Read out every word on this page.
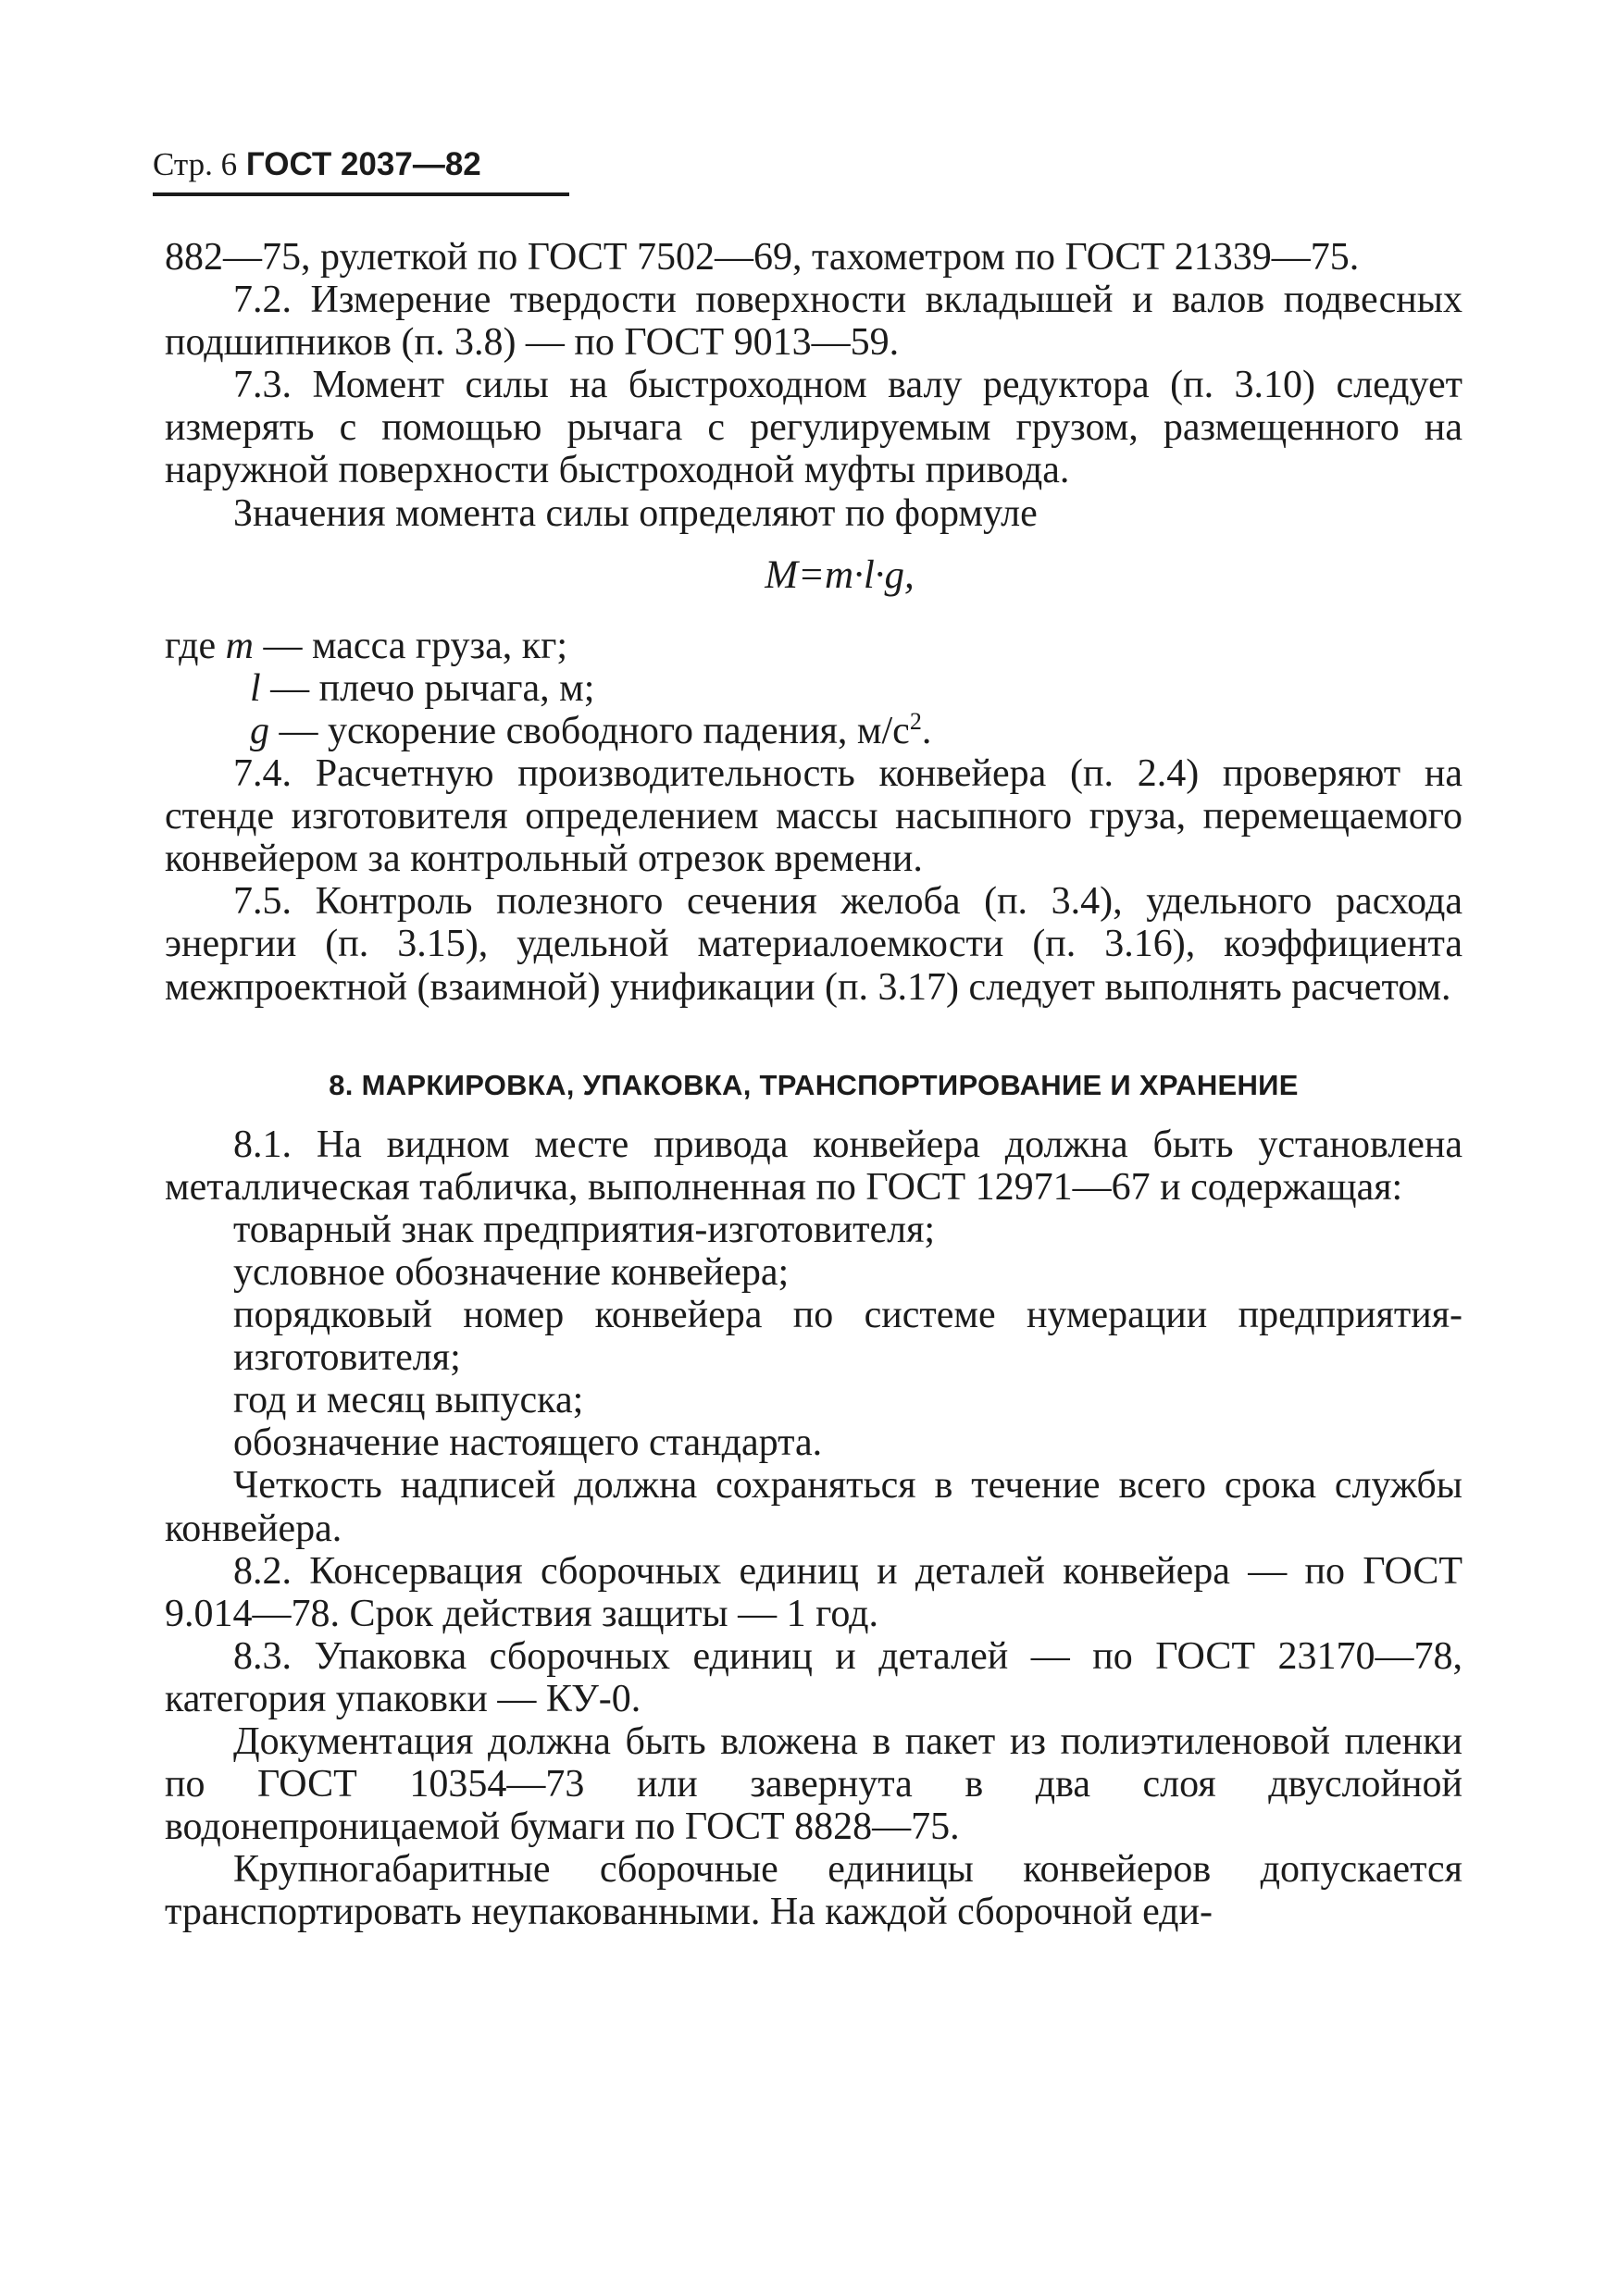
Стр. 6 ГОСТ 2037—82

882—75, рулеткой по ГОСТ 7502—69, тахометром по ГОСТ 21339—75.

7.2. Измерение твердости поверхности вкладышей и валов подвесных подшипников (п. 3.8) — по ГОСТ 9013—59.

7.3. Момент силы на быстроходном валу редуктора (п. 3.10) следует измерять с помощью рычага с регулируемым грузом, размещенного на наружной поверхности быстроходной муфты привода.

Значения момента силы определяют по формуле

M=m·l·g,

где m — масса груза, кг;

l — плечо рычага, м;

g — ускорение свободного падения, $м/с^2$.

7.4. Расчетную производительность конвейера (п. 2.4) проверяют на стенде изготовителя определением массы насыпного груза, перемещаемого конвейером за контрольный отрезок времени.

7.5. Контроль полезного сечения желоба (п. 3.4), удельного расхода энергии (п. 3.15), удельной материалоемкости (п. 3.16), коэффициента межпроектной (взаимной) унификации (п. 3.17) следует выполнять расчетом.

8. МАРКИРОВКА, УПАКОВКА, ТРАНСПОРТИРОВАНИЕ И ХРАНЕНИЕ

8.1. На видном месте привода конвейера должна быть установлена металлическая табличка, выполненная по ГОСТ 12971—67 и содержащая:

товарный знак предприятия-изготовителя;

условное обозначение конвейера;

порядковый номер конвейера по системе нумерации предприятия-изготовителя;

год и месяц выпуска;

обозначение настоящего стандарта.

Четкость надписей должна сохраняться в течение всего срока службы конвейера.

8.2. Консервация сборочных единиц и деталей конвейера — по ГОСТ 9.014—78. Срок действия защиты — 1 год.

8.3. Упаковка сборочных единиц и деталей — по ГОСТ 23170—78, категория упаковки — КУ-0.

Документация должна быть вложена в пакет из полиэтиленовой пленки по ГОСТ 10354—73 или завернута в два слоя двуслойной водонепроницаемой бумаги по ГОСТ 8828—75.

Крупногабаритные сборочные единицы конвейеров допускается транспортировать неупакованными. На каждой сборочной еди-
